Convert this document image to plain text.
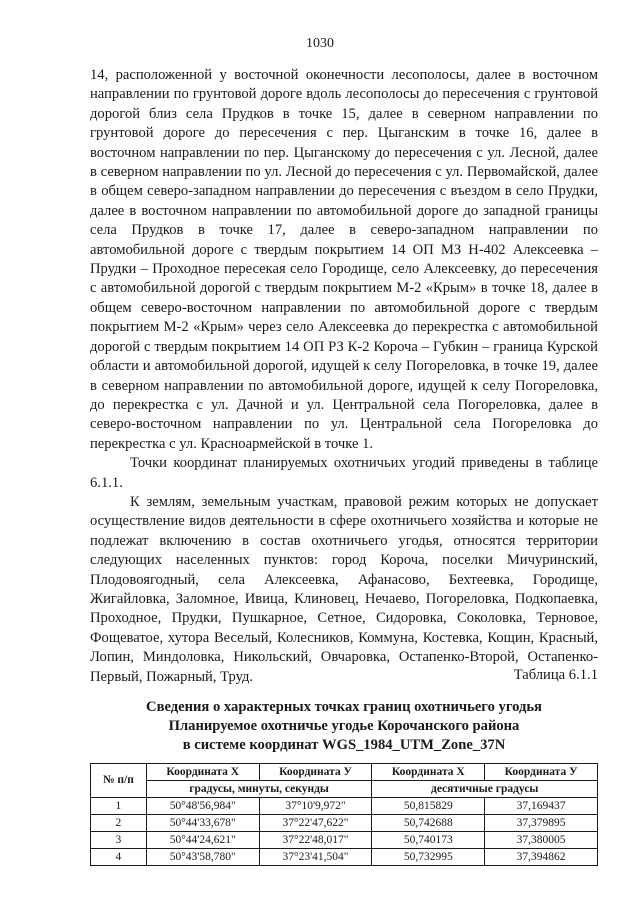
1030

14, расположенной у восточной оконечности лесополосы, далее в восточном направлении по грунтовой дороге вдоль лесополосы до пересечения с грунтовой дорогой близ села Прудков в точке 15, далее в северном направлении по грунтовой дороге до пересечения с пер. Цыганским в точке 16, далее в восточном направлении по пер. Цыганскому до пересечения с ул. Лесной, далее в северном направлении по ул. Лесной до пересечения с ул. Первомайской, далее в общем северо-западном направлении до пересечения с въездом в село Прудки, далее в восточном направлении по автомобильной дороге до западной границы села Прудков в точке 17, далее в северо-западном направлении по автомобильной дороге с твердым покрытием 14 ОП МЗ Н-402 Алексеевка – Прудки – Проходное пересекая село Городище, село Алексеевку, до пересечения с автомобильной дорогой с твердым покрытием М-2 «Крым» в точке 18, далее в общем северо-восточном направлении по автомобильной дороге с твердым покрытием М-2 «Крым» через село Алексеевка до перекрестка с автомобильной дорогой с твердым покрытием 14 ОП РЗ К-2 Короча – Губкин – граница Курской области и автомобильной дорогой, идущей к селу Погореловка, в точке 19, далее в северном направлении по автомобильной дороге, идущей к селу Погореловка, до перекрестка с ул. Дачной и ул. Центральной села Погореловка, далее в северо-восточном направлении по ул. Центральной села Погореловка до перекрестка с ул. Красноармейской в точке 1.

Точки координат планируемых охотничьих угодий приведены в таблице 6.1.1.

К землям, земельным участкам, правовой режим которых не допускает осуществление видов деятельности в сфере охотничьего хозяйства и которые не подлежат включению в состав охотничьего угодья, относятся территории следующих населенных пунктов: город Короча, поселки Мичуринский, Плодовоягодный, села Алексеевка, Афанасово, Бехтеевка, Городище, Жигайловка, Заломное, Ивица, Клиновец, Нечаево, Погореловка, Подкопаевка, Проходное, Прудки, Пушкарное, Сетное, Сидоровка, Соколовка, Терновое, Фощеватое, хутора Веселый, Колесников, Коммуна, Костевка, Кощин, Красный, Лопин, Миндоловка, Никольский, Овчаровка, Остапенко-Второй, Остапенко-Первый, Пожарный, Труд.	Таблица 6.1.1
Сведения о характерных точках границ охотничьего угодья
Планируемое охотничье угодье Корочанского района
в системе координат WGS_1984_UTM_Zone_37N
№ п/п	Координата Х	Координата У	Координата Х	Координата У
	градусы, минуты, секунды		десятичные градусы	
1	50°48'56,984"	37°10'9,972"	50,815829	37,169437
2	50°44'33,678"	37°22'47,622"	50,742688	37,379895
3	50°44'24,621"	37°22'48,017"	50,740173	37,380005
4	50°43'58,780"	37°23'41,504"	50,732995	37,394862
